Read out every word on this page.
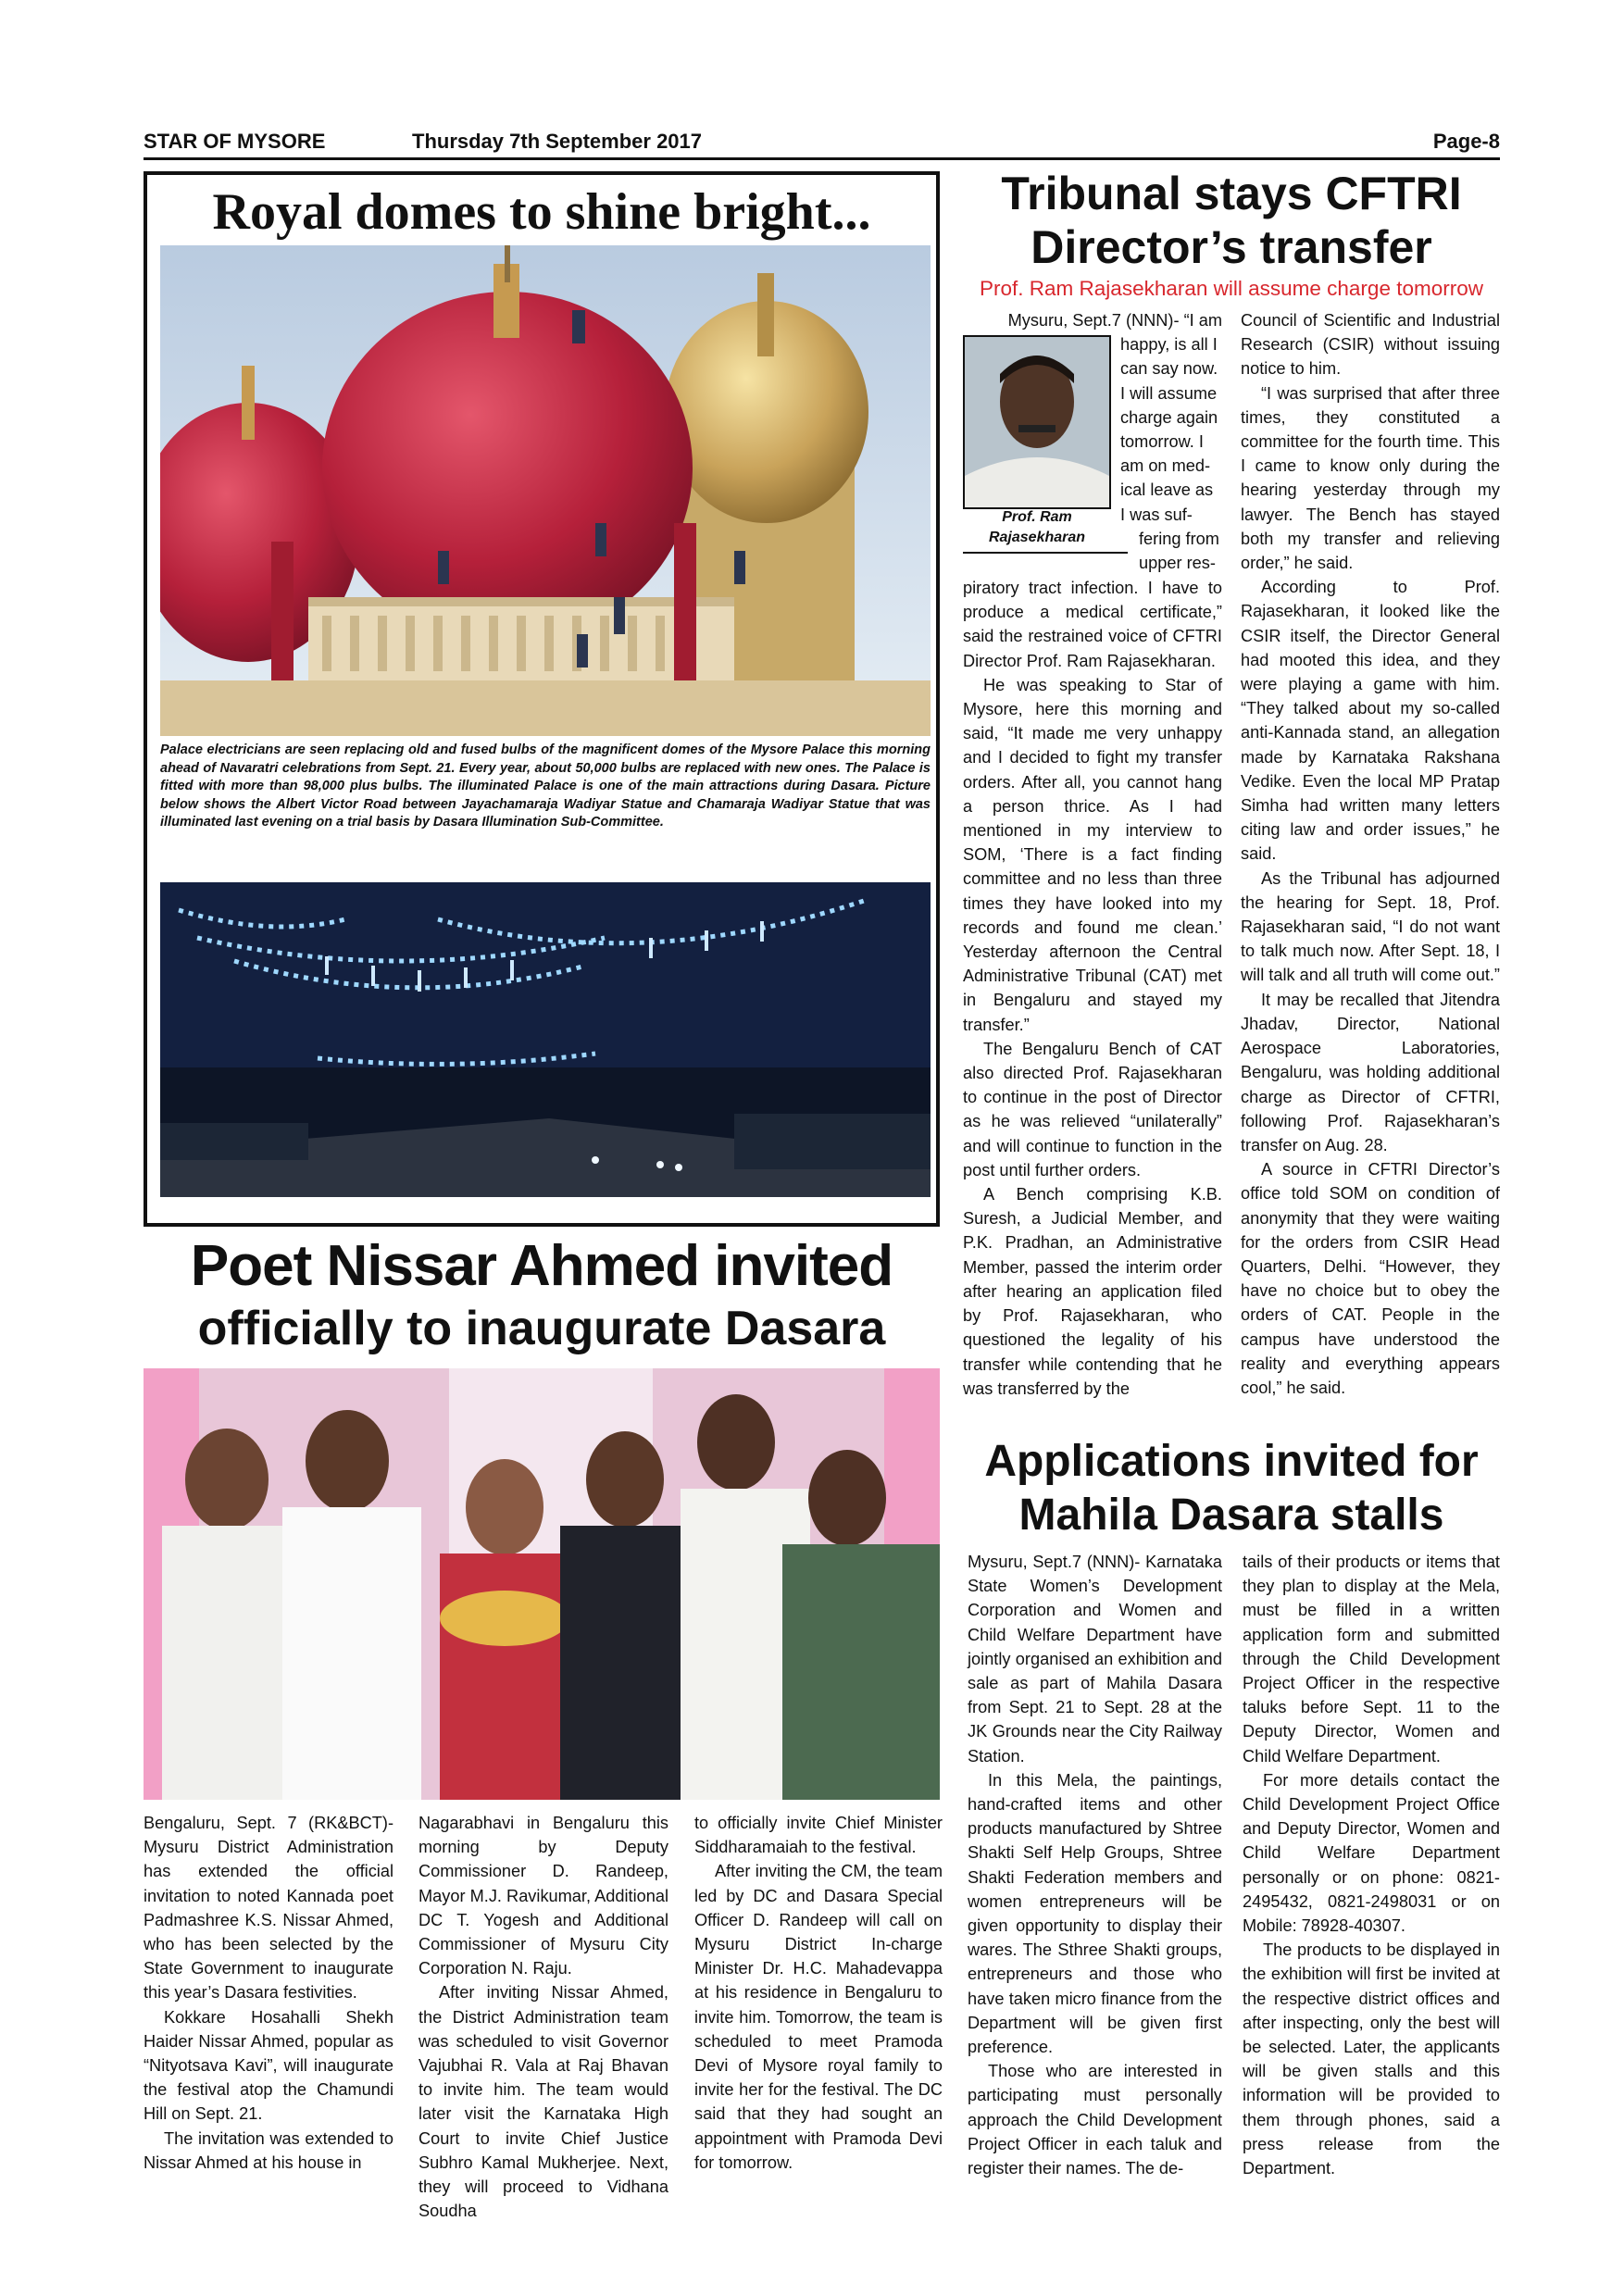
STAR OF MYSORE	Thursday 7th September 2017	Page-8
Royal domes to shine bright...
Palace electricians are seen replacing old and fused bulbs of the magnificent domes of the Mysore Palace this morning ahead of Navaratri celebrations from Sept. 21. Every year, about 50,000 bulbs are replaced with new ones. The Palace is fitted with more than 98,000 plus bulbs. The illuminated Palace is one of the main attractions during Dasara. Picture below shows the Albert Victor Road between Jayachamaraja Wadiyar Statue and Chamaraja Wadiyar Statue that was illuminated last evening on a trial basis by Dasara Illumination Sub-Committee.
Tribunal stays CFTRI
Director’s transfer
Prof. Ram Rajasekharan will assume charge tomorrow
Prof. Ram
Rajasekharan
Mysuru, Sept.7 (NNN)- “I am
happy, is all I
can say now.
I will assume
charge again
tomorrow. I
am on med-
ical leave as
I was suf-
fering from
upper res-

piratory tract infection. I have to produce a medical certificate,” said the restrained voice of CFTRI Director Prof. Ram Rajasekharan.

He was speaking to Star of Mysore, here this morning and said, “It made me very unhappy and I decided to fight my transfer orders. After all, you cannot hang a person thrice. As I had mentioned in my interview to SOM, ‘There is a fact finding committee and no less than three times they have looked into my records and found me clean.’ Yesterday afternoon the Central Administrative Tribunal (CAT) met in Bengaluru and stayed my transfer.”

The Bengaluru Bench of CAT also directed Prof. Rajasekharan to continue in the post of Director as he was relieved “unilaterally” and will continue to function in the post until further orders.

A Bench comprising K.B. Suresh, a Judicial Member, and P.K. Pradhan, an Administrative Member, passed the interim order after hearing an application filed by Prof. Rajasekharan, who questioned the legality of his transfer while contending that he was transferred by the

Council of Scientific and Industrial Research (CSIR) without issuing notice to him.

“I was surprised that after three times, they constituted a committee for the fourth time. This I came to know only during the hearing yesterday through my lawyer. The Bench has stayed both my transfer and relieving order,” he said.

According to Prof. Rajasekharan, it looked like the CSIR itself, the Director General had mooted this idea, and they were playing a game with him. “They talked about my so-called anti-Kannada stand, an allegation made by Karnataka Rakshana Vedike. Even the local MP Pratap Simha had written many letters citing law and order issues,” he said.

As the Tribunal has adjourned the hearing for Sept. 18, Prof. Rajasekharan said, “I do not want to talk much now. After Sept. 18, I will talk and all truth will come out.”

It may be recalled that Jitendra Jhadav, Director, National Aerospace Laboratories, Bengaluru, was holding additional charge as Director of CFTRI, following Prof. Rajasekharan’s transfer on Aug. 28.

A source in CFTRI Director’s office told SOM on condition of anonymity that they were waiting for the orders from CSIR Head Quarters, Delhi. “However, they have no choice but to obey the orders of CAT. People in the campus have understood the reality and everything appears cool,” he said.

Poet Nissar Ahmed invited
officially to inaugurate Dasara

Bengaluru, Sept. 7 (RK&BCT)- Mysuru District Administration has extended the official invitation to noted Kannada poet Padmashree K.S. Nissar Ahmed, who has been selected by the State Government to inaugurate this year’s Dasara festivities.

Kokkare Hosahalli Shekh Haider Nissar Ahmed, popular as “Nityotsava Kavi”, will inaugurate the festival atop the Chamundi Hill on Sept. 21.

The invitation was extended to Nissar Ahmed at his house in

Nagarabhavi in Bengaluru this morning by Deputy Commissioner D. Randeep, Mayor M.J. Ravikumar, Additional DC T. Yogesh and Additional Commissioner of Mysuru City Corporation N. Raju.

After inviting Nissar Ahmed, the District Administration team was scheduled to visit Governor Vajubhai R. Vala at Raj Bhavan to invite him. The team would later visit the Karnataka High Court to invite Chief Justice Subhro Kamal Mukherjee. Next, they will proceed to Vidhana Soudha

to officially invite Chief Minister Siddharamaiah to the festival.

After inviting the CM, the team led by DC and Dasara Special Officer D. Randeep will call on Mysuru District In-charge Minister Dr. H.C. Mahadevappa at his residence in Bengaluru to invite him. Tomorrow, the team is scheduled to meet Pramoda Devi of Mysore royal family to invite her for the festival. The DC said that they had sought an appointment with Pramoda Devi for tomorrow.

Applications invited for
Mahila Dasara stalls

Mysuru, Sept.7 (NNN)- Karnataka State Women’s Development Corporation and Women and Child Welfare Department have jointly organised an exhibition and sale as part of Mahila Dasara from Sept. 21 to Sept. 28 at the JK Grounds near the City Railway Station.

In this Mela, the paintings, hand-crafted items and other products manufactured by Shtree Shakti Self Help Groups, Shtree Shakti Federation members and women entrepreneurs will be given opportunity to display their wares. The Sthree Shakti groups, entrepreneurs and those who have taken micro finance from the Department will be given first preference.

Those who are interested in participating must personally approach the Child Development Project Officer in each taluk and register their names. The de-

tails of their products or items that they plan to display at the Mela, must be filled in a written application form and submitted through the Child Development Project Officer in the respective taluks before Sept. 11 to the Deputy Director, Women and Child Welfare Department.

For more details contact the Child Development Project Office and Deputy Director, Women and Child Welfare Department personally or on phone: 0821-2495432, 0821-2498031 or on Mobile: 78928-40307.

The products to be displayed in the exhibition will first be invited at the respective district offices and after inspecting, only the best will be selected. Later, the applicants will be given stalls and this information will be provided to them through phones, said a press release from the Department.
